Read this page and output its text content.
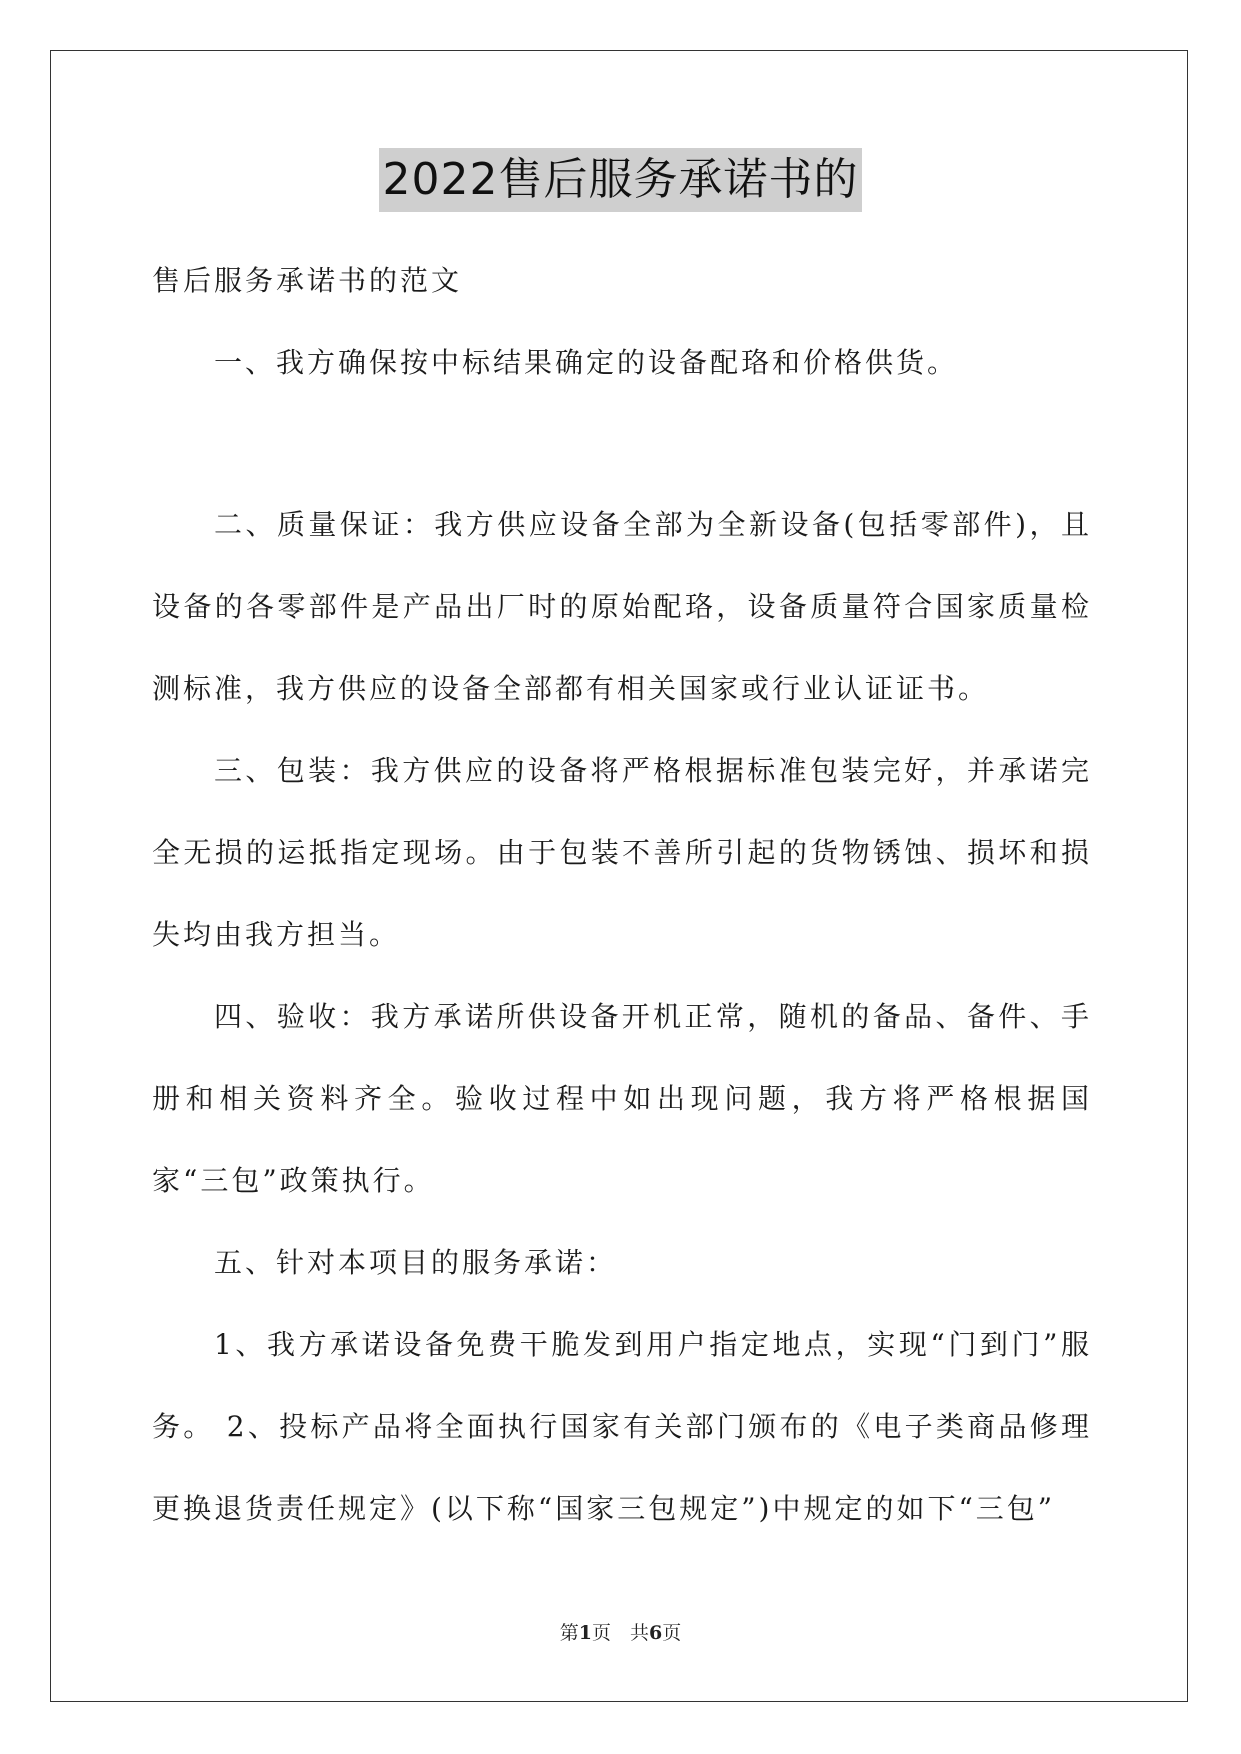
2022售后服务承诺书的

售后服务承诺书的范文

一、我方确保按中标结果确定的设备配珞和价格供货。

二、质量保证：我方供应设备全部为全新设备(包括零部件)，且设备的各零部件是产品出厂时的原始配珞，设备质量符合国家质量检测标准，我方供应的设备全部都有相关国家或行业认证证书。

三、包装：我方供应的设备将严格根据标准包装完好，并承诺完全无损的运抵指定现场。由于包装不善所引起的货物锈蚀、损坏和损失均由我方担当。

四、验收：我方承诺所供设备开机正常，随机的备品、备件、手册和相关资料齐全。验收过程中如出现问题，我方将严格根据国家“三包”政策执行。

五、针对本项目的服务承诺：

1、我方承诺设备免费干脆发到用户指定地点，实现“门到门”服务。 2、投标产品将全面执行国家有关部门颁布的《电子类商品修理更换退货责任规定》(以下称“国家三包规定”)中规定的如下“三包”

第1页　共6页
